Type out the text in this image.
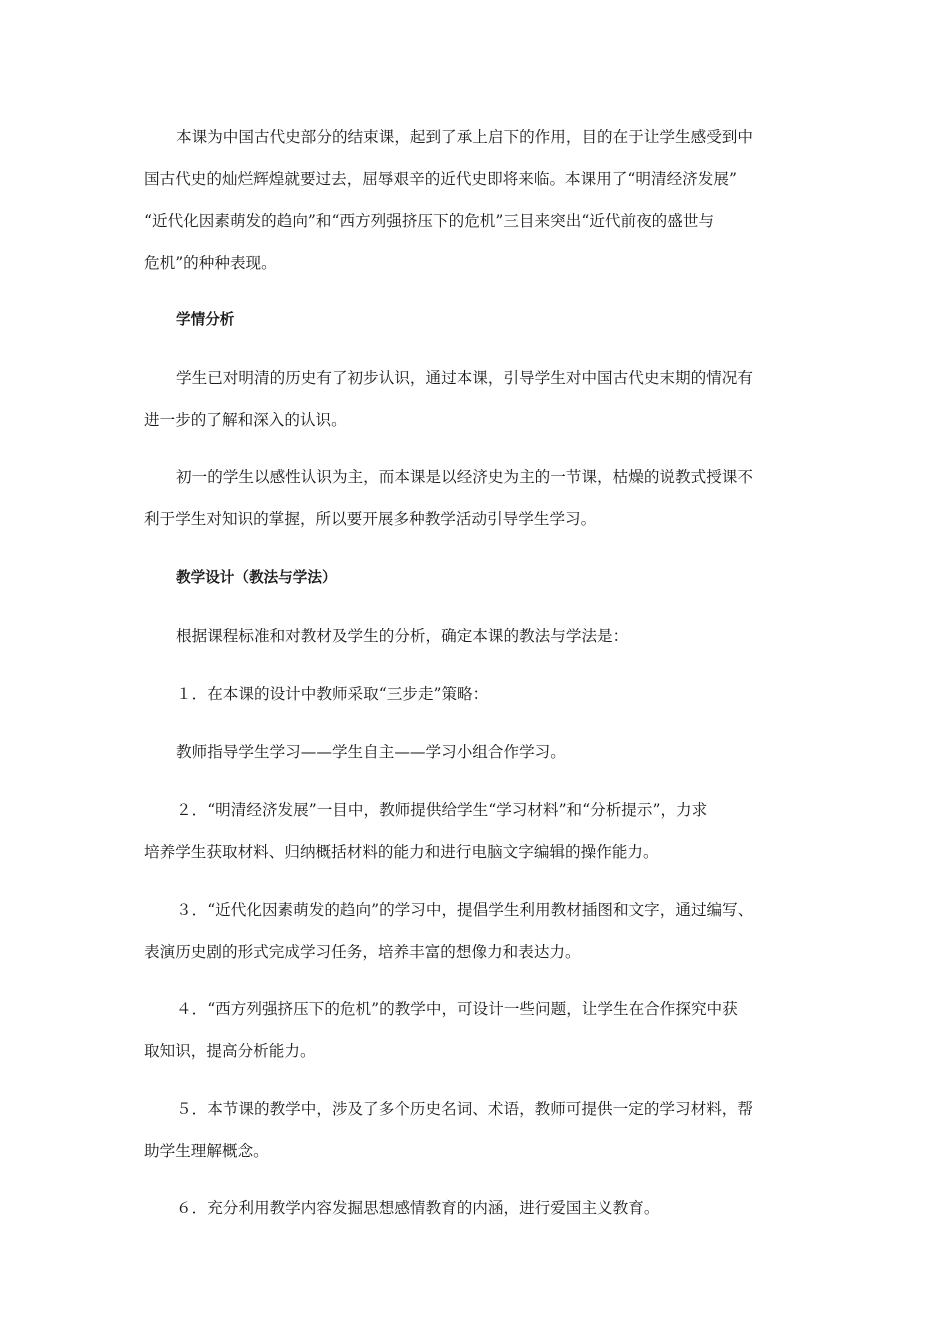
本课为中国古代史部分的结束课，起到了承上启下的作用，目的在于让学生感受到中
国古代史的灿烂辉煌就要过去，屈辱艰辛的近代史即将来临。本课用了“明清经济发展”
“近代化因素萌发的趋向”和“西方列强挤压下的危机”三目来突出“近代前夜的盛世与
危机”的种种表现。
学情分析
学生已对明清的历史有了初步认识，通过本课，引导学生对中国古代史末期的情况有
进一步的了解和深入的认识。
初一的学生以感性认识为主，而本课是以经济史为主的一节课，枯燥的说教式授课不
利于学生对知识的掌握，所以要开展多种教学活动引导学生学习。
教学设计（教法与学法）
根据课程标准和对教材及学生的分析，确定本课的教法与学法是：
１．在本课的设计中教师采取“三步走”策略：
教师指导学生学习——学生自主——学习小组合作学习。
２．“明清经济发展”一目中，教师提供给学生“学习材料”和“分析提示”，力求
培养学生获取材料、归纳概括材料的能力和进行电脑文字编辑的操作能力。
３．“近代化因素萌发的趋向”的学习中，提倡学生利用教材插图和文字，通过编写、
表演历史剧的形式完成学习任务，培养丰富的想像力和表达力。
４．“西方列强挤压下的危机”的教学中，可设计一些问题，让学生在合作探究中获
取知识，提高分析能力。
５．本节课的教学中，涉及了多个历史名词、术语，教师可提供一定的学习材料，帮
助学生理解概念。
６．充分利用教学内容发掘思想感情教育的内涵，进行爱国主义教育。
